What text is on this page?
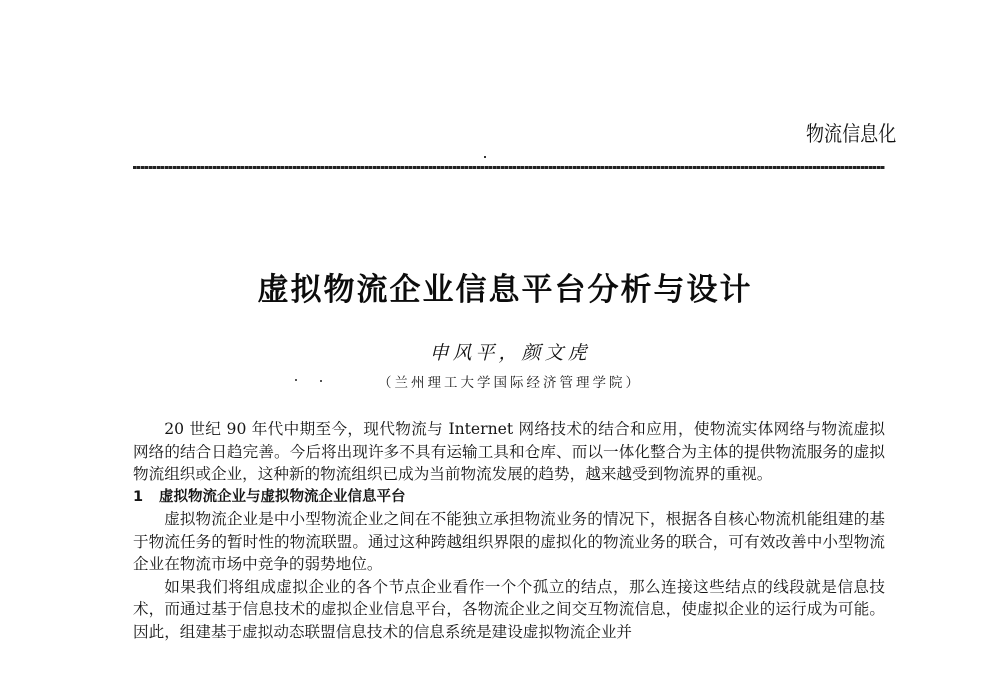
物流信息化
虚拟物流企业信息平台分析与设计
申风平，颜文虎
（兰州理工大学国际经济管理学院）

20 世纪 90 年代中期至今，现代物流与 Internet 网络技术的结合和应用，使物流实体网络与物流虚拟网络的结合日趋完善。今后将出现许多不具有运输工具和仓库、而以一体化整合为主体的提供物流服务的虚拟物流组织或企业，这种新的物流组织已成为当前物流发展的趋势，越来越受到物流界的重视。

1 虚拟物流企业与虚拟物流企业信息平台

虚拟物流企业是中小型物流企业之间在不能独立承担物流业务的情况下，根据各自核心物流机能组建的基于物流任务的暂时性的物流联盟。通过这种跨越组织界限的虚拟化的物流业务的联合，可有效改善中小型物流企业在物流市场中竞争的弱势地位。

如果我们将组成虚拟企业的各个节点企业看作一个个孤立的结点，那么连接这些结点的线段就是信息技术，而通过基于信息技术的虚拟企业信息平台，各物流企业之间交互物流信息，使虚拟企业的运行成为可能。因此，组建基于虚拟动态联盟信息技术的信息系统是建设虚拟物流企业并
